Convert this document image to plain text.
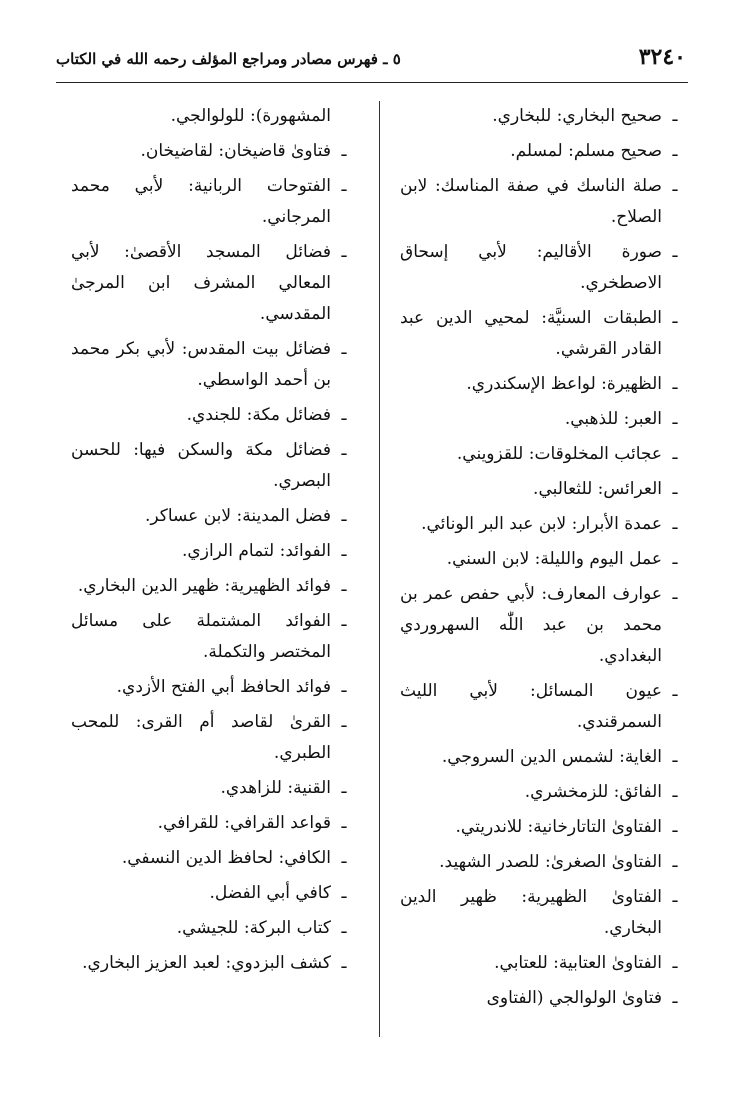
٣٢٤٠
٥ ـ فهرس مصادر ومراجع المؤلف رحمه الله في الكتاب
ـ
صحيح البخاري: للبخاري.
ـ
صحيح مسلم: لمسلم.
ـ
صلة الناسك في صفة المناسك: لابن الصلاح.
ـ
صورة الأقاليم: لأبي إسحاق الاصطخري.
ـ
الطبقات السنيَّة: لمحيي الدين عبد القادر القرشي.
ـ
الظهيرة: لواعظ الإسكندري.
ـ
العبر: للذهبي.
ـ
عجائب المخلوقات: للقزويني.
ـ
العرائس: للثعالبي.
ـ
عمدة الأبرار: لابن عبد البر الونائي.
ـ
عمل اليوم والليلة: لابن السني.
ـ
عوارف المعارف: لأبي حفص عمر بن محمد بن عبد اللّٰه السهروردي البغدادي.
ـ
عيون المسائل: لأبي الليث السمرقندي.
ـ
الغاية: لشمس الدين السروجي.
ـ
الفائق: للزمخشري.
ـ
الفتاوىٰ التاتارخانية: للاندريتي.
ـ
الفتاوىٰ الصغرىٰ: للصدر الشهيد.
ـ
الفتاوىٰ الظهيرية: ظهير الدين البخاري.
ـ
الفتاوىٰ العتابية: للعتابي.
ـ
فتاوىٰ الولوالجي (الفتاوى
المشهورة): للولوالجي.
ـ
فتاوىٰ قاضيخان: لقاضيخان.
ـ
الفتوحات الربانية: لأبي محمد المرجاني.
ـ
فضائل المسجد الأقصىٰ: لأبي المعالي المشرف ابن المرجىٰ المقدسي.
ـ
فضائل بيت المقدس: لأبي بكر محمد بن أحمد الواسطي.
ـ
فضائل مكة: للجندي.
ـ
فضائل مكة والسكن فيها: للحسن البصري.
ـ
فضل المدينة: لابن عساكر.
ـ
الفوائد: لتمام الرازي.
ـ
فوائد الظهيرية: ظهير الدين البخاري.
ـ
الفوائد المشتملة على مسائل المختصر والتكملة.
ـ
فوائد الحافظ أبي الفتح الأزدي.
ـ
القرىٰ لقاصد أم القرى: للمحب الطبري.
ـ
القنية: للزاهدي.
ـ
قواعد القرافي: للقرافي.
ـ
الكافي: لحافظ الدين النسفي.
ـ
كافي أبي الفضل.
ـ
كتاب البركة: للجيشي.
ـ
كشف البزدوي: لعبد العزيز البخاري.
